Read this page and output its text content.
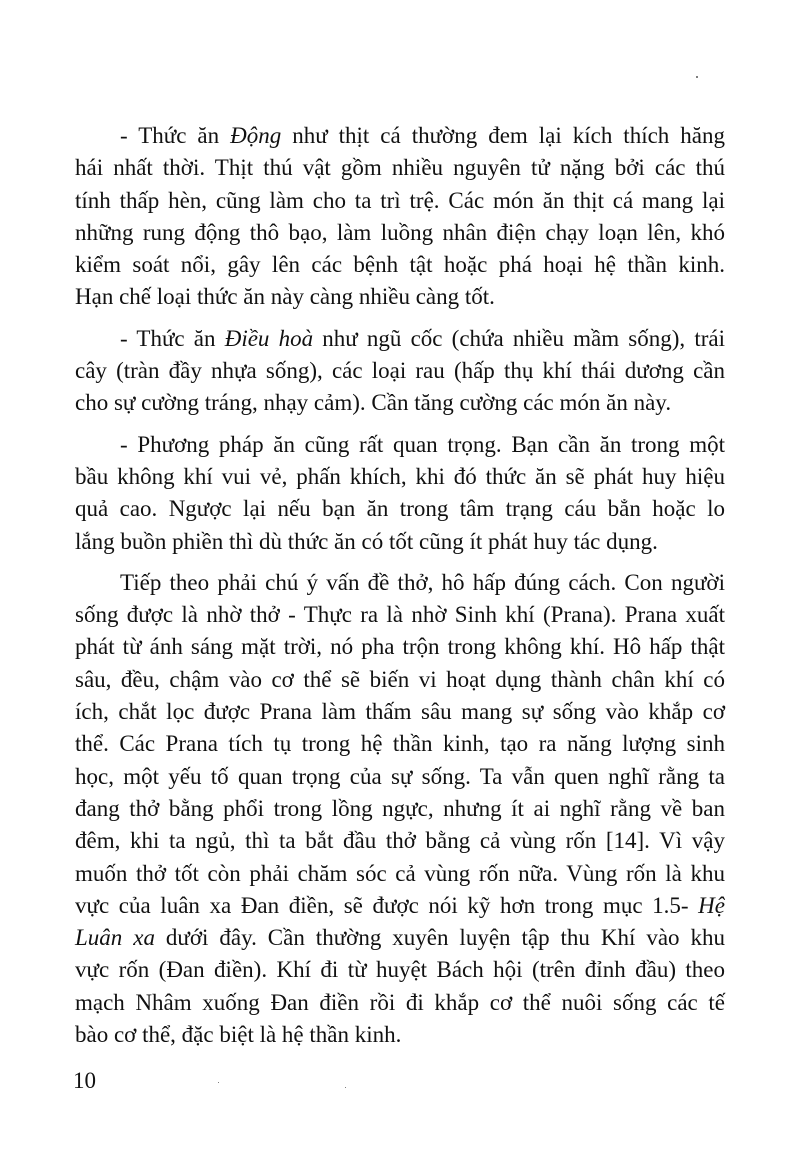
- Thức ăn Động như thịt cá thường đem lại kích thích hăng
hái nhất thời. Thịt thú vật gồm nhiều nguyên tử nặng bởi các thú
tính thấp hèn, cũng làm cho ta trì trệ. Các món ăn thịt cá mang lại
những rung động thô bạo, làm luồng nhân điện chạy loạn lên, khó
kiểm soát nổi, gây lên các bệnh tật hoặc phá hoại hệ thần kinh.
Hạn chế loại thức ăn này càng nhiều càng tốt.
- Thức ăn Điều hoà như ngũ cốc (chứa nhiều mầm sống), trái
cây (tràn đầy nhựa sống), các loại rau (hấp thụ khí thái dương cần
cho sự cường tráng, nhạy cảm). Cần tăng cường các món ăn này.
- Phương pháp ăn cũng rất quan trọng. Bạn cần ăn trong một
bầu không khí vui vẻ, phấn khích, khi đó thức ăn sẽ phát huy hiệu
quả cao. Ngược lại nếu bạn ăn trong tâm trạng cáu bẳn hoặc lo
lắng buồn phiền thì dù thức ăn có tốt cũng ít phát huy tác dụng.
Tiếp theo phải chú ý vấn đề thở, hô hấp đúng cách. Con người
sống được là nhờ thở - Thực ra là nhờ Sinh khí (Prana). Prana xuất
phát từ ánh sáng mặt trời, nó pha trộn trong không khí. Hô hấp thật
sâu, đều, chậm vào cơ thể sẽ biến vi hoạt dụng thành chân khí có
ích, chắt lọc được Prana làm thấm sâu mang sự sống vào khắp cơ
thể. Các Prana tích tụ trong hệ thần kinh, tạo ra năng lượng sinh
học, một yếu tố quan trọng của sự sống. Ta vẫn quen nghĩ rằng ta
đang thở bằng phổi trong lồng ngực, nhưng ít ai nghĩ rằng về ban
đêm, khi ta ngủ, thì ta bắt đầu thở bằng cả vùng rốn [14]. Vì vậy
muốn thở tốt còn phải chăm sóc cả vùng rốn nữa. Vùng rốn là khu
vực của luân xa Đan điền, sẽ được nói kỹ hơn trong mục 1.5- Hệ
Luân xa dưới đây. Cần thường xuyên luyện tập thu Khí vào khu
vực rốn (Đan điền). Khí đi từ huyệt Bách hội (trên đỉnh đầu) theo
mạch Nhâm xuống Đan điền rồi đi khắp cơ thể nuôi sống các tế
bào cơ thể, đặc biệt là hệ thần kinh.
10
